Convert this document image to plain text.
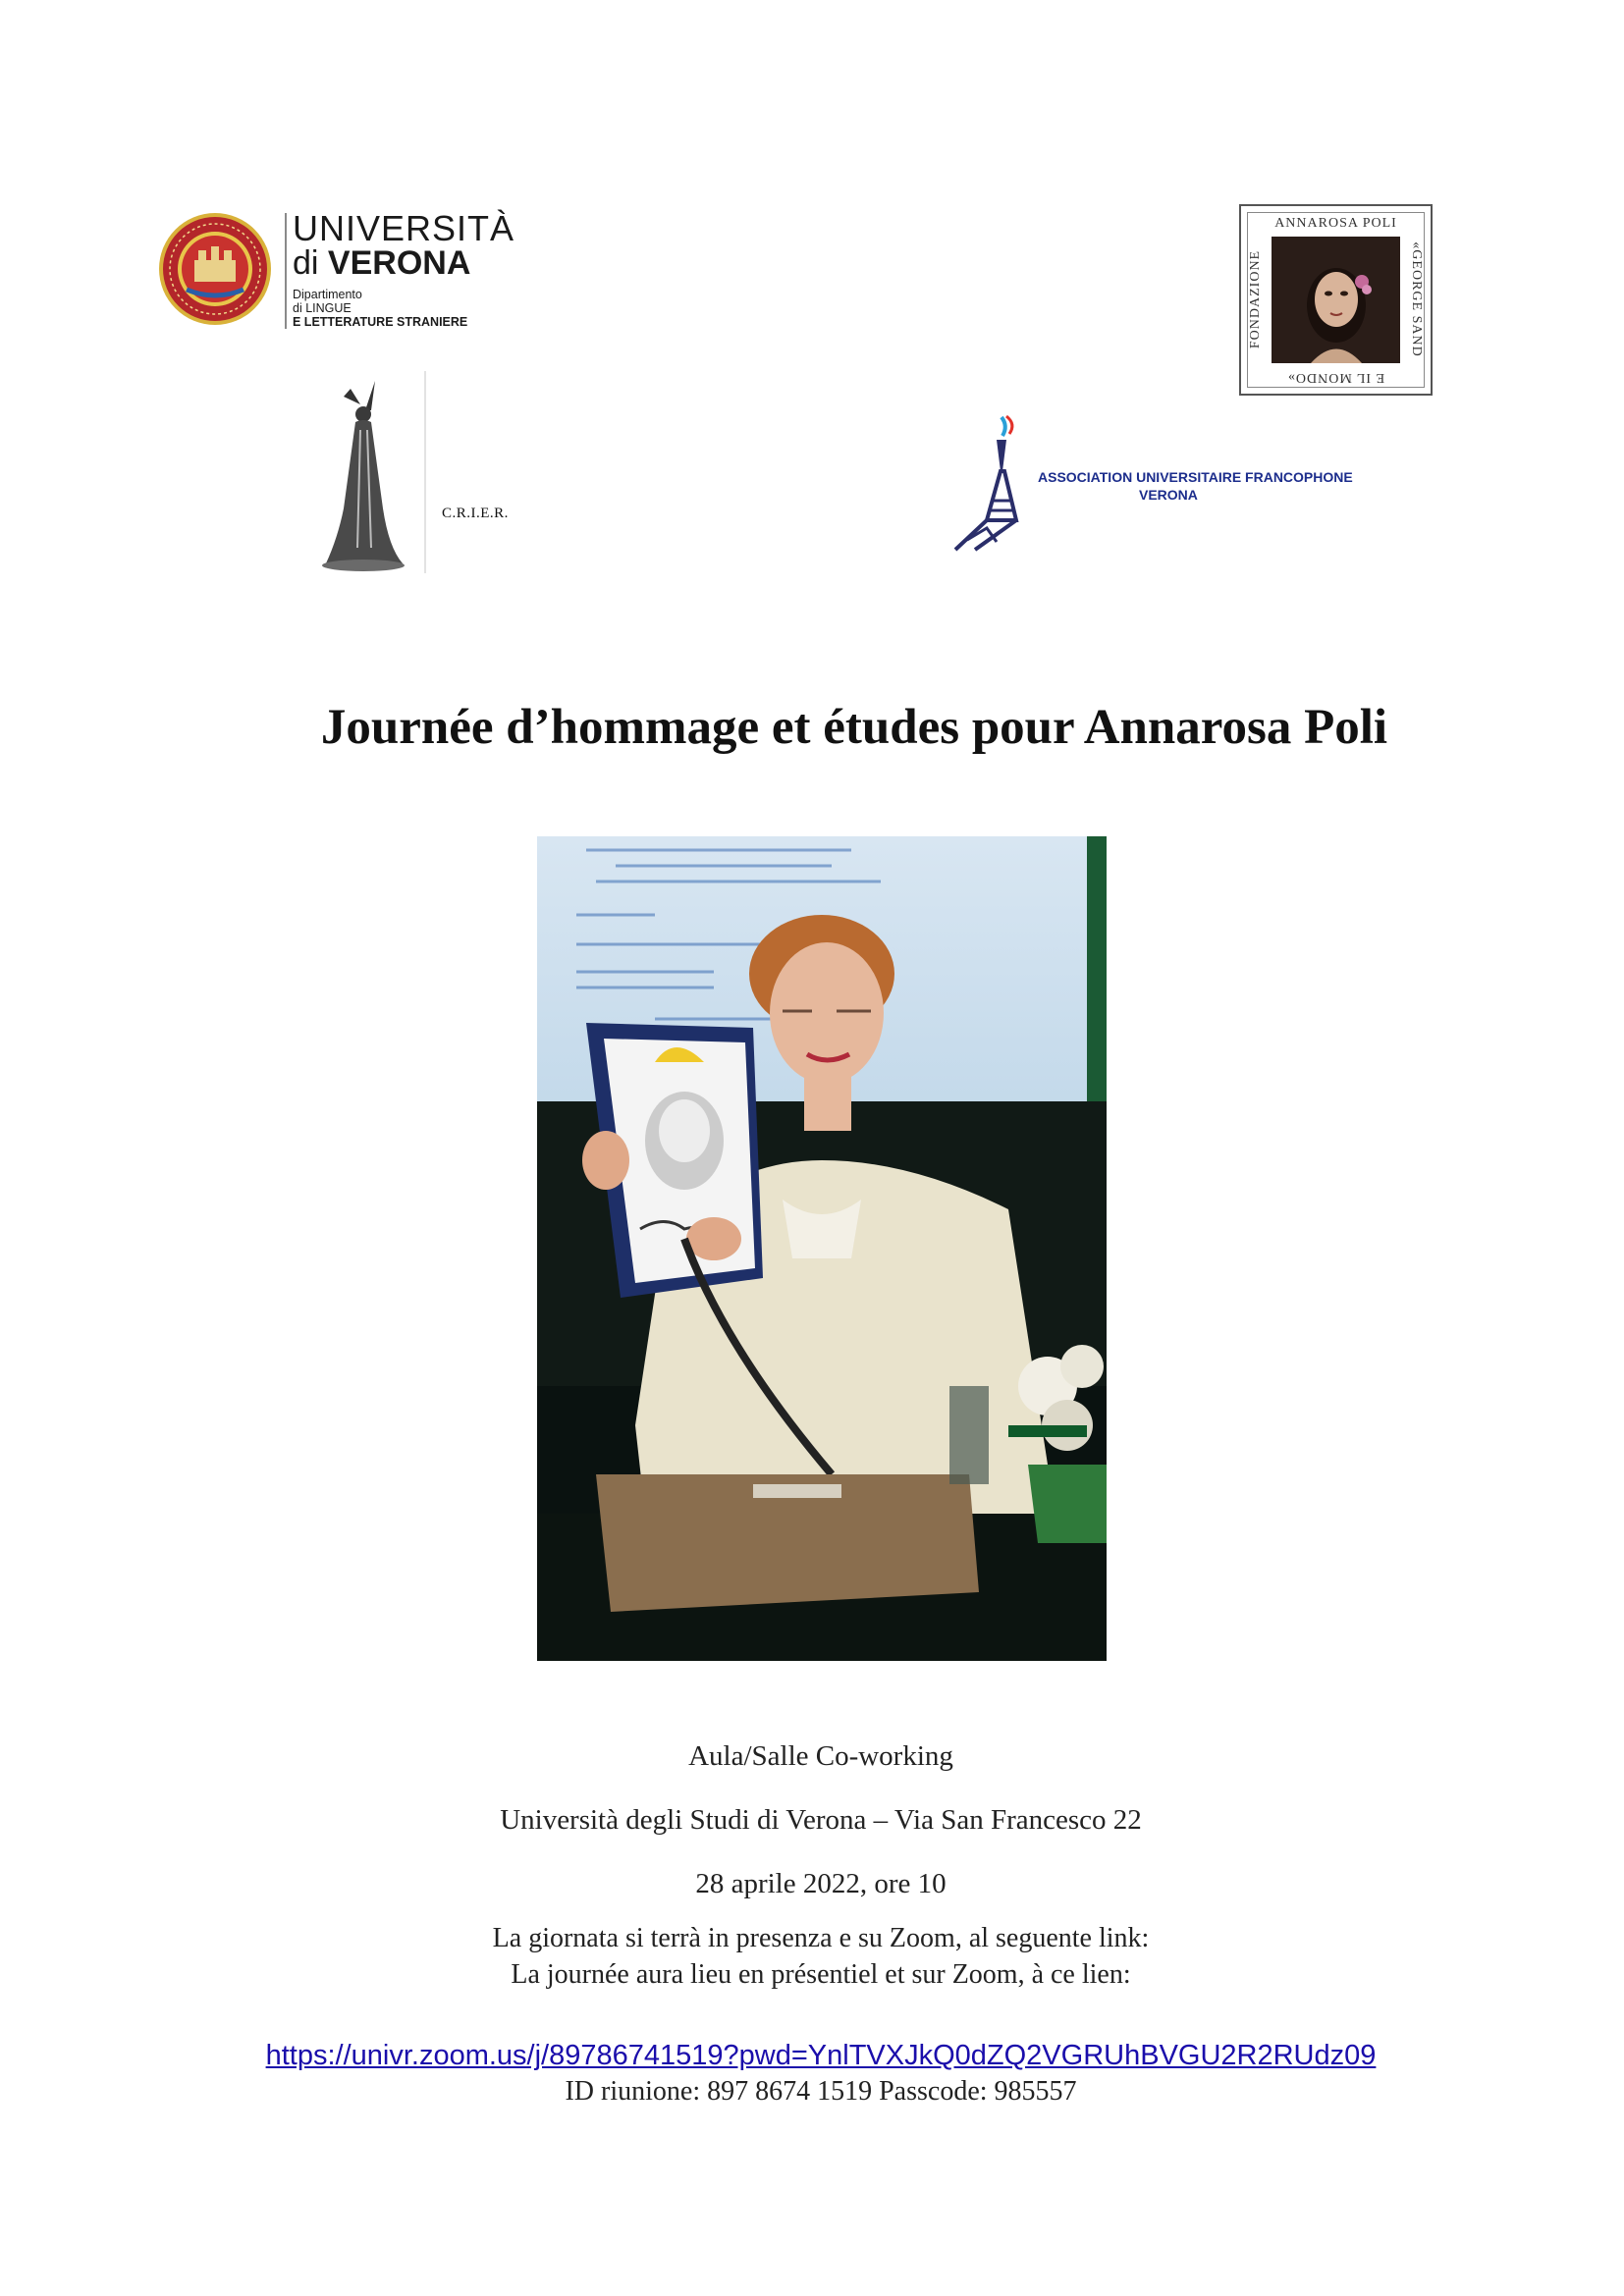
UNIVERSITÀ
di VERONA
Dipartimento
di LINGUE
E LETTERATURE STRANIERE
ANNAROSA POLI
FONDAZIONE	«GEORGE SAND
E IL MONDO»
C.R.I.E.R.
ASSOCIATION UNIVERSITAIRE FRANCOPHONE
VERONA
Journée d’hommage et études pour Annarosa Poli
Aula/Salle Co-working
Università degli Studi di Verona – Via San Francesco 22
28 aprile 2022, ore 10
La giornata si terrà in presenza e su Zoom, al seguente link:
La journée aura lieu en présentiel et sur Zoom, à ce lien:
https://univr.zoom.us/j/89786741519?pwd=YnlTVXJkQ0dZQ2VGRUhBVGU2R2RUdz09
ID riunione: 897 8674 1519 Passcode: 985557
